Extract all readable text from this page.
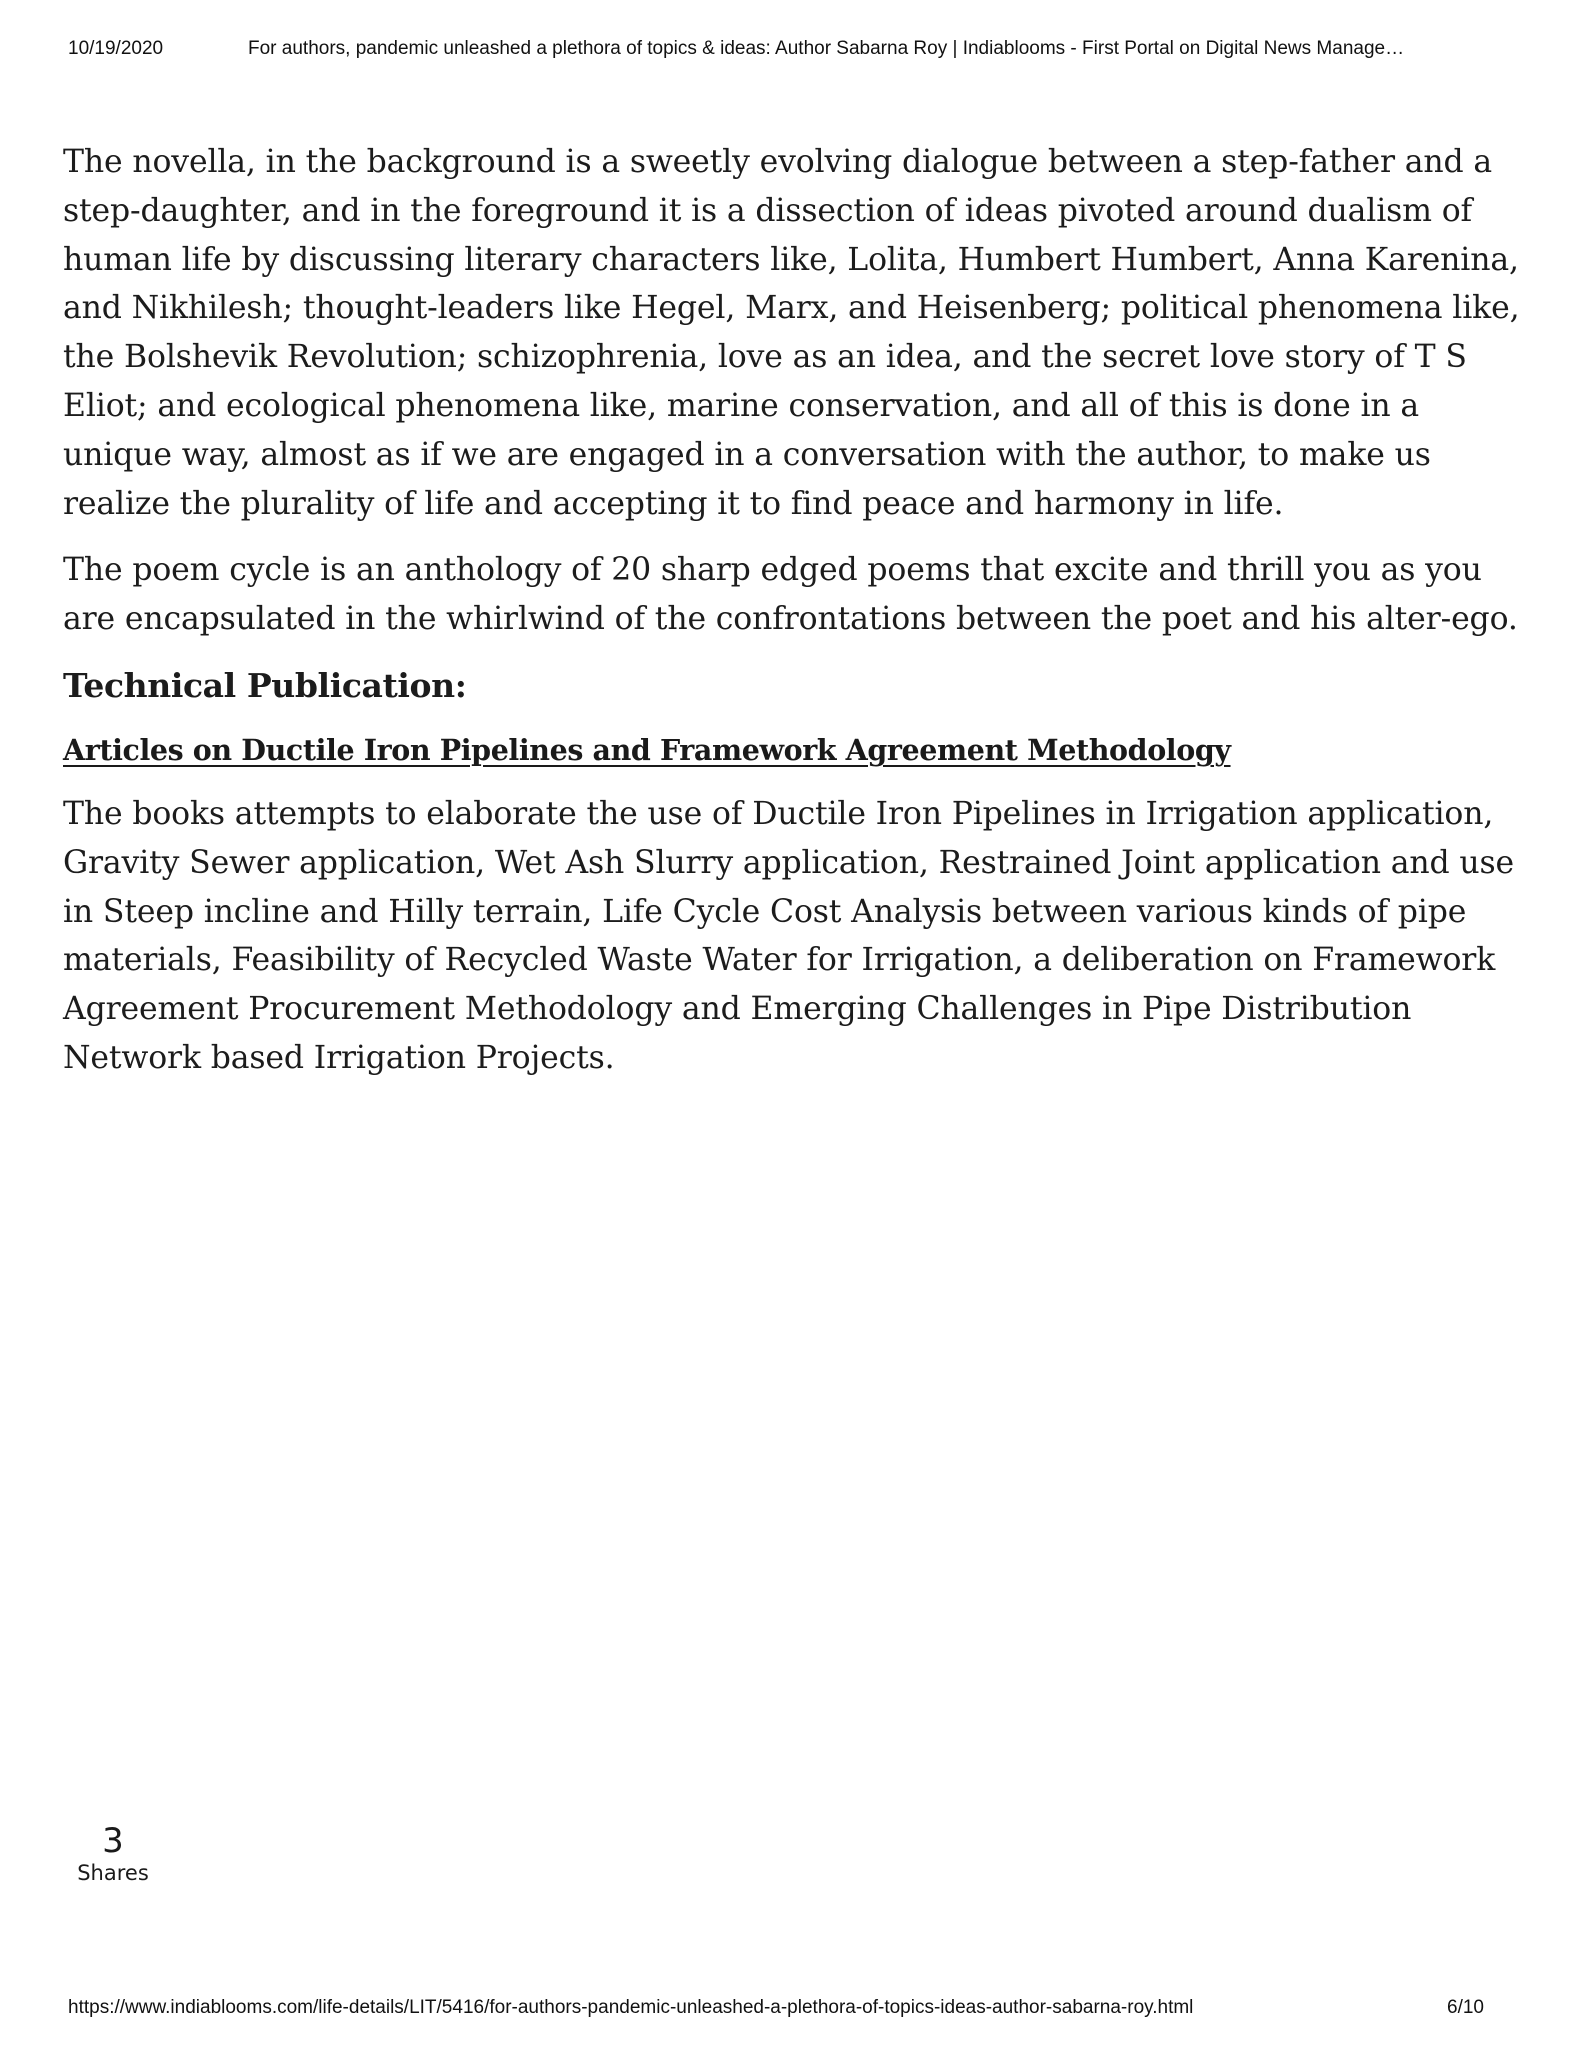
10/19/2020	For authors, pandemic unleashed a plethora of topics & ideas: Author Sabarna Roy | Indiablooms - First Portal on Digital News Manage…

The novella, in the background is a sweetly evolving dialogue between a step-father and a step-daughter, and in the foreground it is a dissection of ideas pivoted around dualism of human life by discussing literary characters like, Lolita, Humbert Humbert, Anna Karenina, and Nikhilesh; thought-leaders like Hegel, Marx, and Heisenberg; political phenomena like, the Bolshevik Revolution; schizophrenia, love as an idea, and the secret love story of T S Eliot; and ecological phenomena like, marine conservation, and all of this is done in a unique way, almost as if we are engaged in a conversation with the author, to make us realize the plurality of life and accepting it to find peace and harmony in life.

The poem cycle is an anthology of 20 sharp edged poems that excite and thrill you as you are encapsulated in the whirlwind of the confrontations between the poet and his alter-ego.

Technical Publication:
Articles on Ductile Iron Pipelines and Framework Agreement Methodology

The books attempts to elaborate the use of Ductile Iron Pipelines in Irrigation application, Gravity Sewer application, Wet Ash Slurry application, Restrained Joint application and use in Steep incline and Hilly terrain, Life Cycle Cost Analysis between various kinds of pipe materials, Feasibility of Recycled Waste Water for Irrigation, a deliberation on Framework Agreement Procurement Methodology and Emerging Challenges in Pipe Distribution Network based Irrigation Projects.

3
Shares
https://www.indiablooms.com/life-details/LIT/5416/for-authors-pandemic-unleashed-a-plethora-of-topics-ideas-author-sabarna-roy.html	6/10
